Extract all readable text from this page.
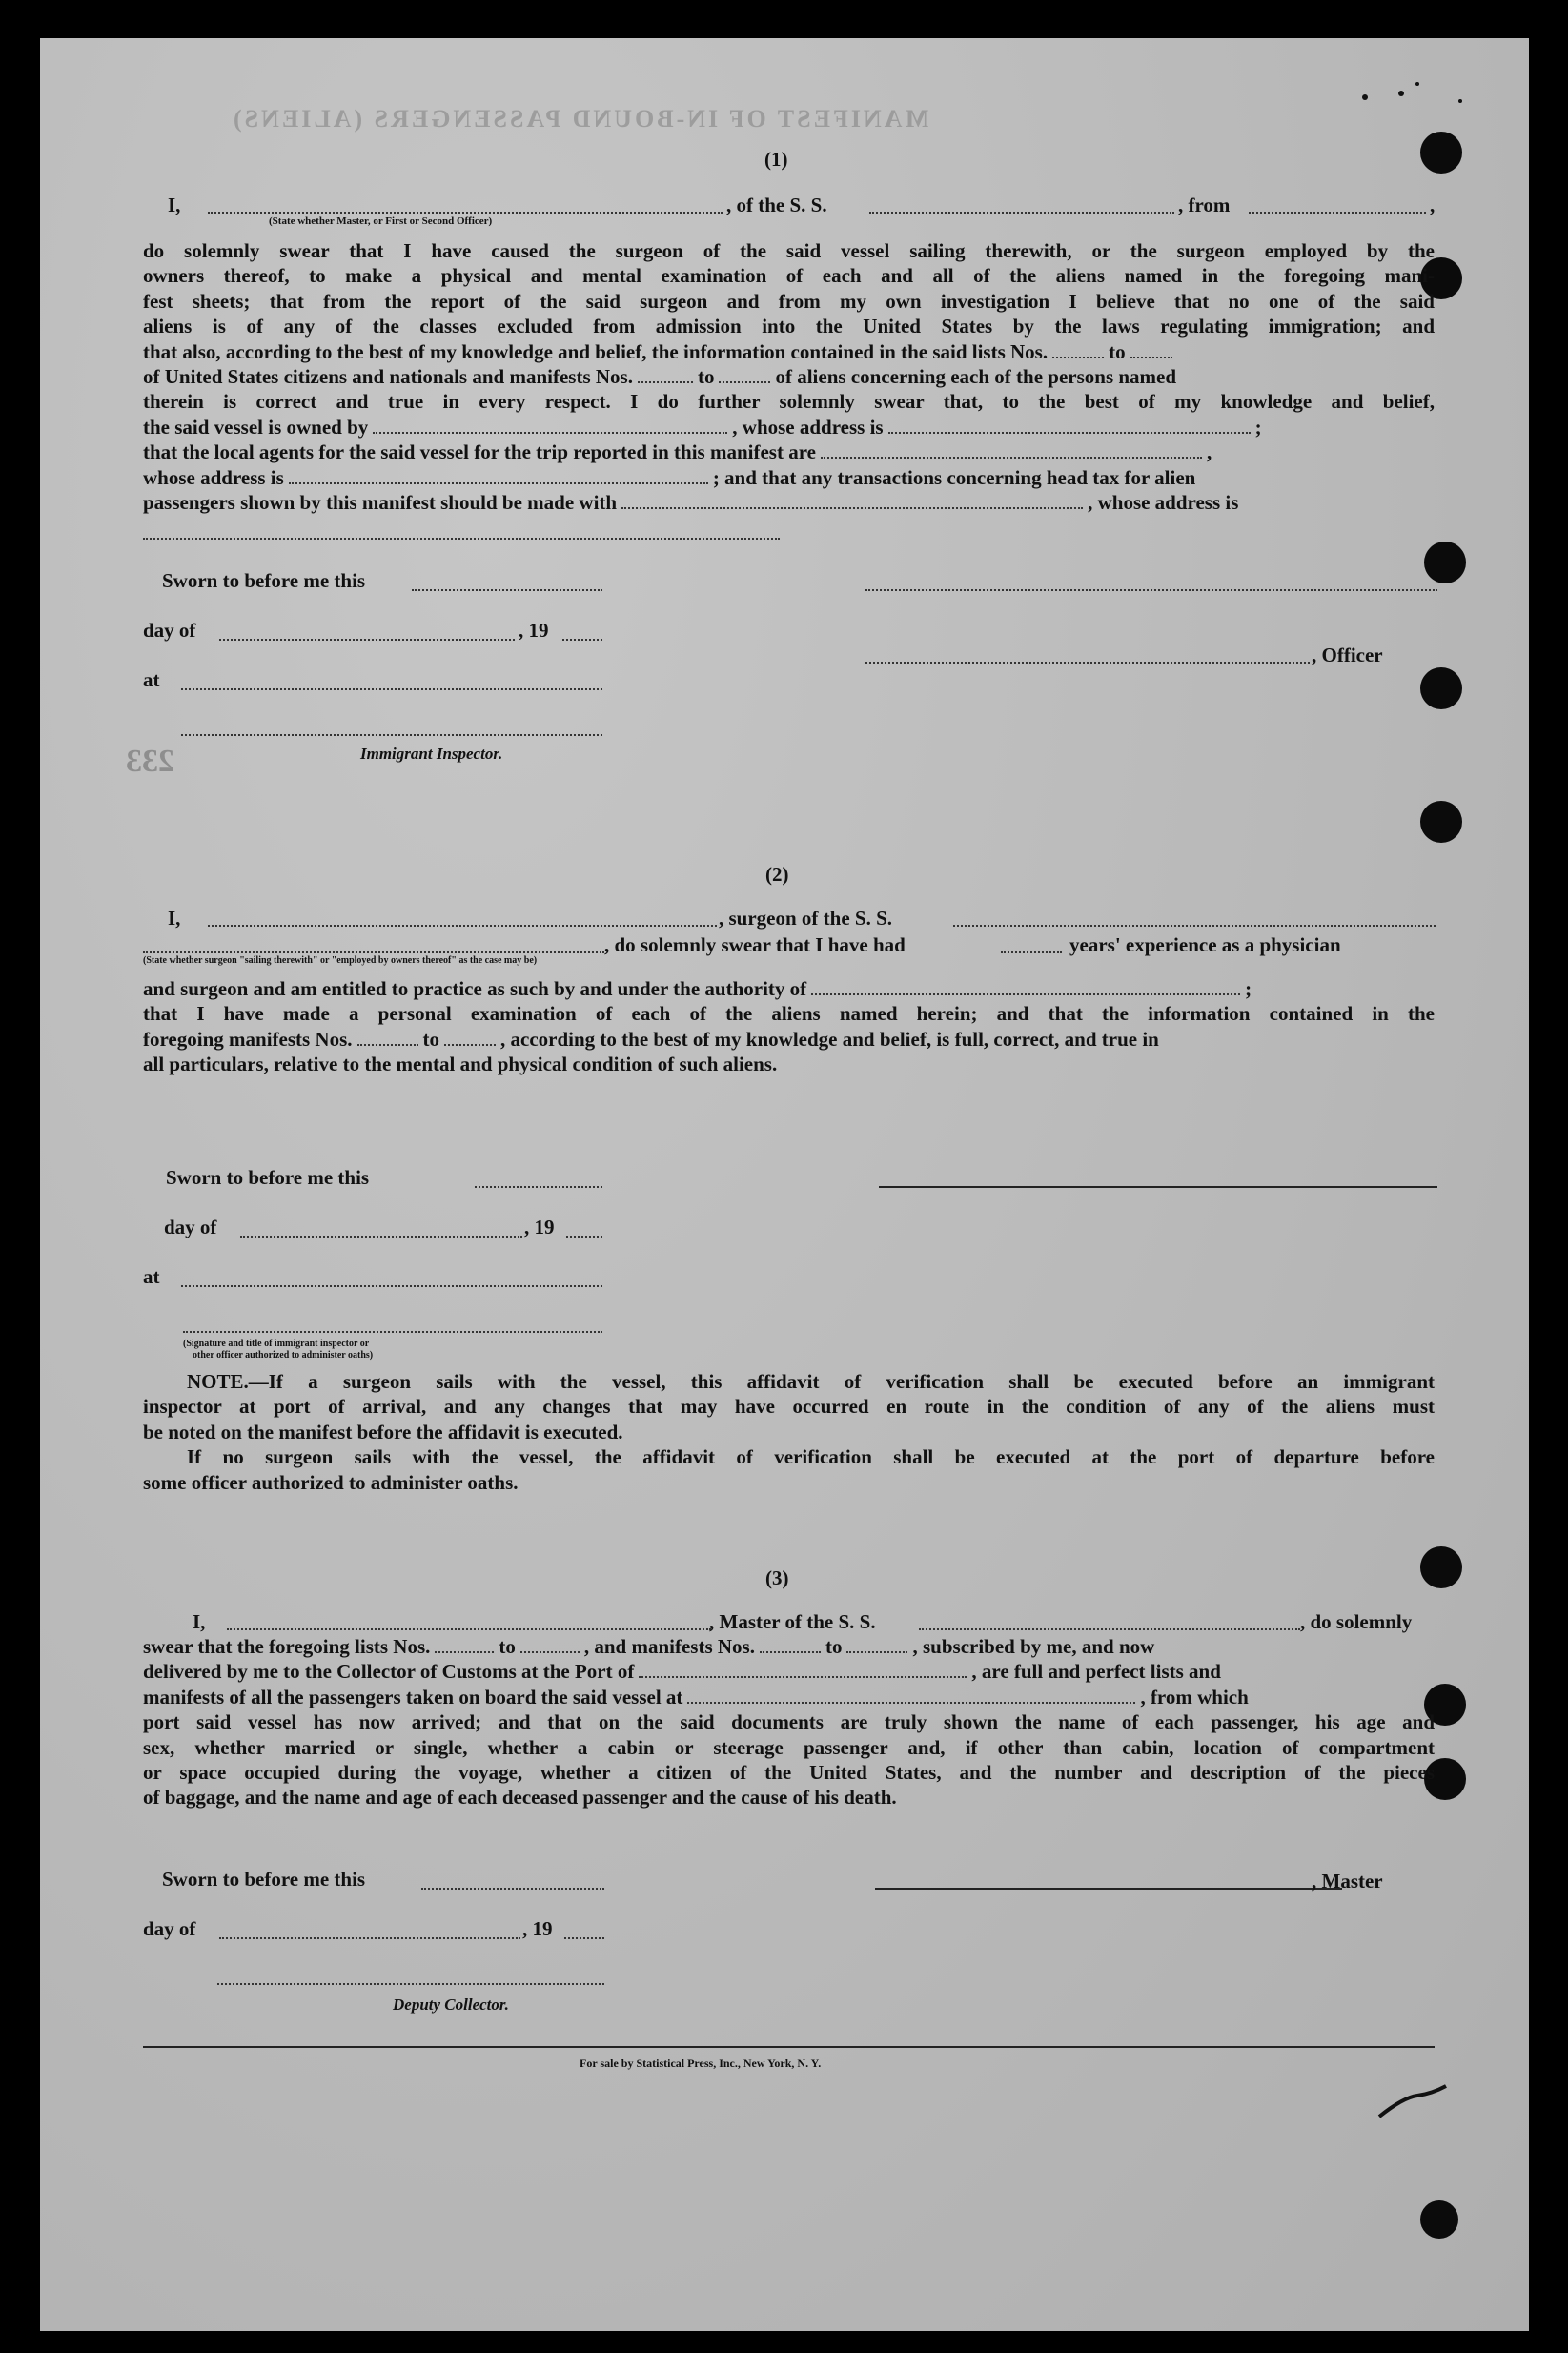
MANIFEST OF IN-BOUND PASSENGERS (ALIENS)
233
(1)
I,	, of the S. S.	, from	,
(State whether Master, or First or Second Officer)
do solemnly swear that I have caused the surgeon of the said vessel sailing therewith, or the surgeon employed by the
owners thereof, to make a physical and mental examination of each and all of the aliens named in the foregoing mani-
fest sheets; that from the report of the said surgeon and from my own investigation I believe that no one of the said
aliens is of any of the classes excluded from admission into the United States by the laws regulating immigration; and
that also, according to the best of my knowledge and belief, the information contained in the said lists Nos.	to
of United States citizens and nationals and manifests Nos.	to	of aliens concerning each of the persons named
therein is correct and true in every respect. I do further solemnly swear that, to the best of my knowledge and belief,
the said vessel is owned by	, whose address is	;
that the local agents for the said vessel for the trip reported in this manifest are	,
whose address is	; and that any transactions concerning head tax for alien
passengers shown by this manifest should be made with	, whose address is
Sworn to before me this
day of	, 19
, Officer
at
Immigrant Inspector.
(2)
I,	, surgeon of the S. S.
, do solemnly swear that I have had	years' experience as a physician
(State whether surgeon "sailing therewith" or "employed by owners thereof" as the case may be)
and surgeon and am entitled to practice as such by and under the authority of	;
that I have made a personal examination of each of the aliens named herein; and that the information contained in the
foregoing manifests Nos.	to	, according to the best of my knowledge and belief, is full, correct, and true in
all particulars, relative to the mental and physical condition of such aliens.
Sworn to before me this
day of	, 19
at
(Signature and title of immigrant inspector or
other officer authorized to administer oaths)
NOTE.—If a surgeon sails with the vessel, this affidavit of verification shall be executed before an immigrant
inspector at port of arrival, and any changes that may have occurred en route in the condition of any of the aliens must
be noted on the manifest before the affidavit is executed.
If no surgeon sails with the vessel, the affidavit of verification shall be executed at the port of departure before
some officer authorized to administer oaths.
(3)
I,	, Master of the S. S.	, do solemnly
swear that the foregoing lists Nos.	to	, and manifests Nos.	to	, subscribed by me, and now
delivered by me to the Collector of Customs at the Port of	, are full and perfect lists and
manifests of all the passengers taken on board the said vessel at	, from which
port said vessel has now arrived; and that on the said documents are truly shown the name of each passenger, his age and
sex, whether married or single, whether a cabin or steerage passenger and, if other than cabin, location of compartment
or space occupied during the voyage, whether a citizen of the United States, and the number and description of the pieces
of baggage, and the name and age of each deceased passenger and the cause of his death.
Sworn to before me this	, Master
day of	, 19
Deputy Collector.
For sale by Statistical Press, Inc., New York, N. Y.
